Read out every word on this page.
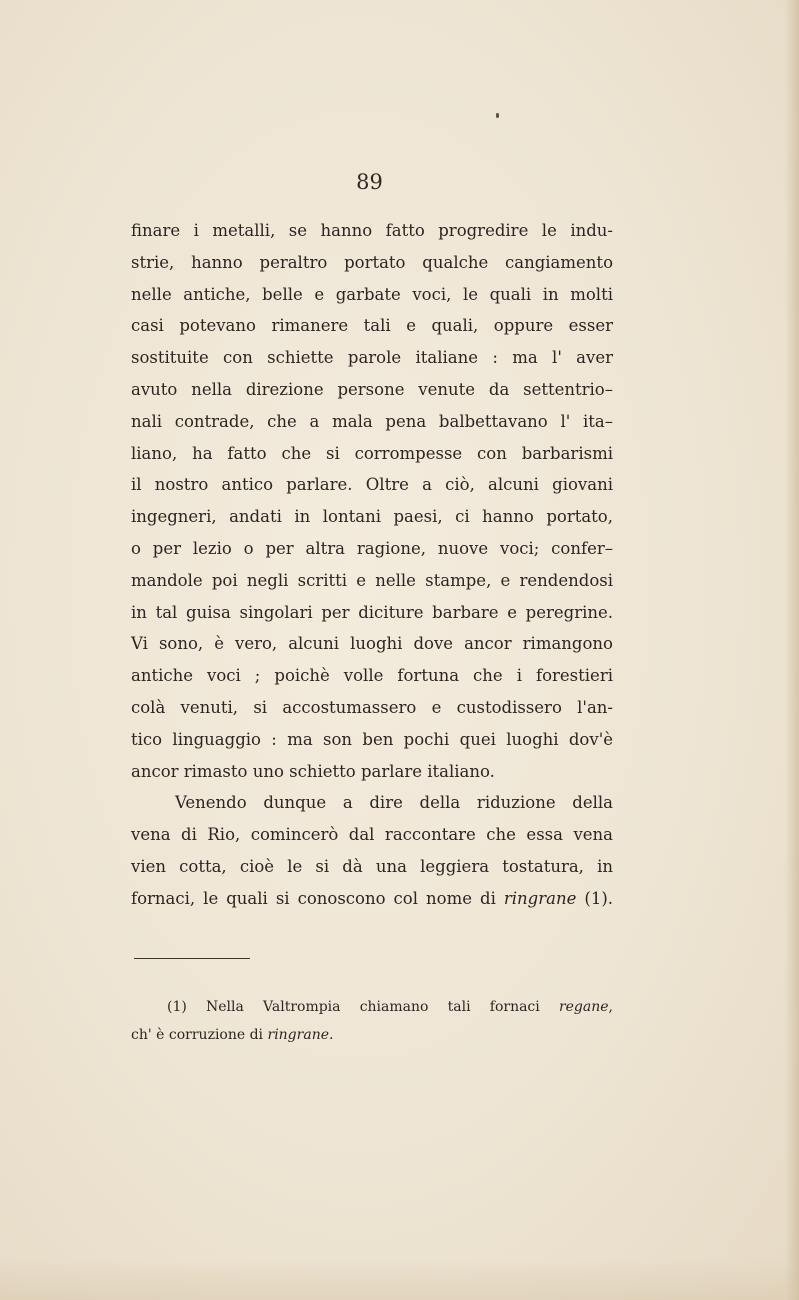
89

finare i metalli, se hanno fatto progredire le indu-
strie, hanno peraltro portato qualche cangiamento
nelle antiche, belle e garbate voci, le quali in molti
casi potevano rimanere tali e quali, oppure esser
sostituite con schiette parole italiane : ma l' aver
avuto nella direzione persone venute da settentrio–
nali contrade, che a mala pena balbettavano l' ita–
liano, ha fatto che si corrompesse con barbarismi
il nostro antico parlare. Oltre a ciò, alcuni giovani
ingegneri, andati in lontani paesi, ci hanno portato,
o per lezio o per altra ragione, nuove voci; confer–
mandole poi negli scritti e nelle stampe, e rendendosi
in tal guisa singolari per diciture barbare e peregrine.
Vi sono, è vero, alcuni luoghi dove ancor rimangono
antiche voci ; poichè volle fortuna che i forestieri
colà venuti, si accostumassero e custodissero l'an-
tico linguaggio : ma son ben pochi quei luoghi dov'è
ancor rimasto uno schietto parlare italiano.
Venendo dunque a dire della riduzione della
vena di Rio, comincerò dal raccontare che essa vena
vien cotta, cioè le si dà una leggiera tostatura, in
fornaci, le quali si conoscono col nome di ringrane (1).
(1) Nella Valtrompia chiamano tali fornaci regane,
ch' è corruzione di ringrane.
